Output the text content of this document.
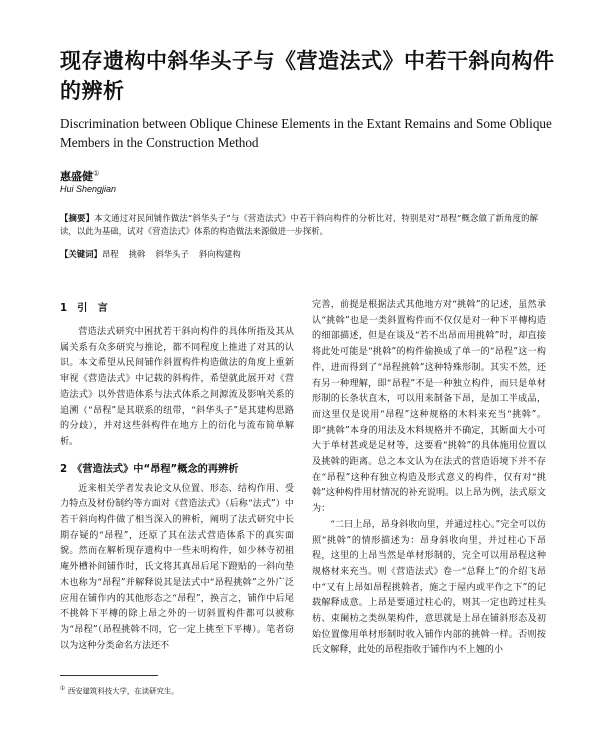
现存遗构中斜华头子与《营造法式》中若干斜向构件的辨析
Discrimination between Oblique Chinese Elements in the Extant Remains and Some Oblique Members in the Construction Method
惠盛健①
Hui Shengjian
【摘要】本文通过对民间铺作做法“斜华头子”与《营造法式》中若干斜向构件的分析比对，特别是对“昂程”概念做了新角度的解读，以此为基础，试对《营造法式》体系的构造做法来源做进一步探析。
【关键词】昂程 挑斡 斜华头子 斜向构建构
1　引　言

营造法式研究中困扰若干斜向构件的具体所指及其从属关系有众多研究与推论，都不同程度上推进了对其的认识。本文希望从民间铺作斜置构件构造做法的角度上重新审视《营造法式》中记载的斜构件，希望就此展开对《营造法式》以外营造体系与法式体系之间源流及影响关系的追溯（“昂程”是其联系的纽带，“斜华头子”是其建构思路的分歧），并对这些斜构件在地方上的衍化与流布简单解析。

2　《营造法式》中“昂程”概念的再辨析

近来相关学者发表论文从位置、形态、结构作用、受力特点及材份制约等方面对《营造法式》（后称“法式”）中若干斜向构件做了相当深入的辨析，阐明了法式研究中长期存疑的“昂程”，还原了其在法式营造体系下的真实面貌。然而在解析现存遗构中一些未明构件，如少林寺初祖庵外槽补间铺作时，氏文将其真昂后尾下蹬贴的一斜向垫木也称为“昂程”并解释说其是法式中“昂程挑斡”之外广泛应用在铺作内的其他形态之“昂程”，换言之，铺作中后尾不挑斡下平槫的除上昂之外的一切斜置构件都可以被称为“昂程”（昂程挑斡不同，它一定上挑至下平槫）。笔者窃以为这种分类命名方法还不

完善，前提是根据法式其他地方对“挑斡”的记述，虽然承认“挑斡”也是一类斜置构件而不仅仅是对一种下平槫构造的细部描述，但是在谈及“若不出昂而用挑斡”时，却直接将此处可能是“挑斡”的构件偷换成了单一的“昂程”这一构件，进而得到了“昂程挑斡”这种特殊形制。其实不然，还有另一种理解，即“昂程”不是一种独立构件，而只是单材形制的长条状直木，可以用来制备下昂，是加工半成品，而这里仅是说用“昂程”这种规格的木料来充当“挑斡”。即“挑斡”本身的用法及木料规格并不确定，其断面大小可大于单材甚或是足材等，这要看“挑斡”的具体施用位置以及挑斡的距离。总之本文认为在法式的营造语境下并不存在“昂程”这种有独立构造及形式意义的构件，仅有对“挑斡”这种构件用材情况的补充说明。以上昂为例，法式原文为：

“二曰上昂，昂身斜收向里，并通过柱心。”完全可以仿照“挑斡”的情形描述为：昂身斜收向里，并过柱心下昂程，这里的上昂当然是单材形制的，完全可以用昂程这种规格材来充当。则《营造法式》卷一“总释上”的介绍飞昂中“又有上昂如昂程挑斡者，施之于屋内或平作之下”的记载解释成意。上昂是要通过柱心的，则其一定也跨过柱头枋、束阑枋之类纵架构件，意思就是上昂在铺斜形态及初始位置像用单材形制时收入铺作内部的挑斡一样。否则按氏文解释，此处的昂程指收于铺作内不上翘的小

① 西安建筑科技大学，在读研究生。
